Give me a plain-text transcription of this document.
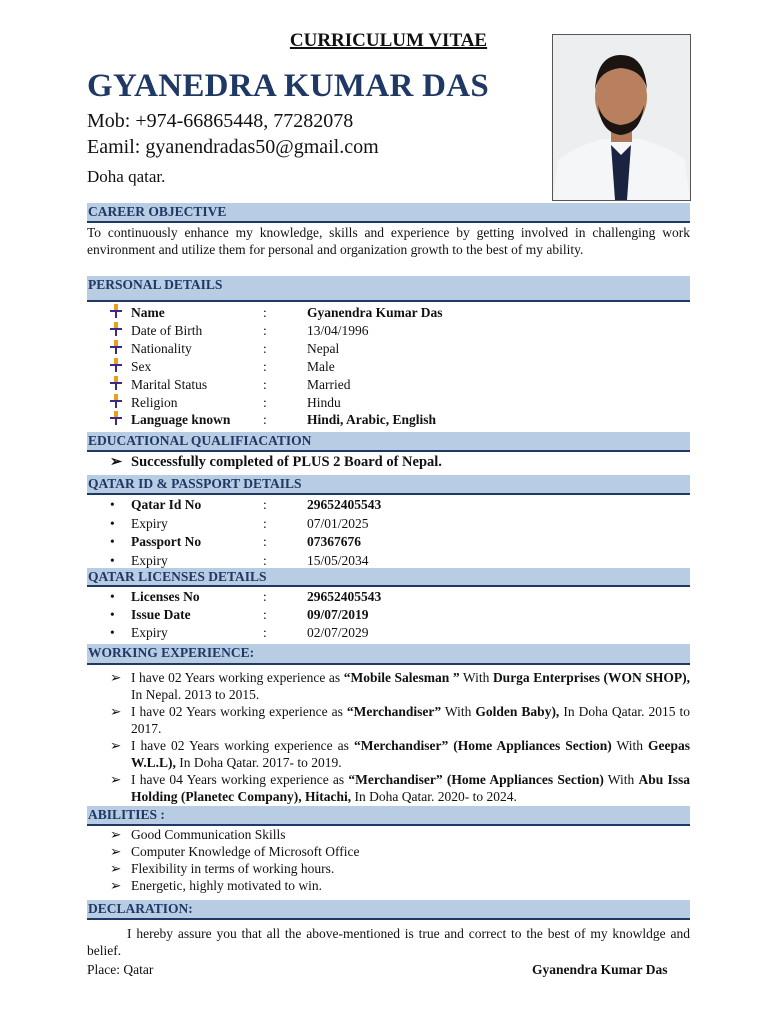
CURRICULUM VITAE
GYANEDRA KUMAR DAS
Mob: +974-66865448, 77282078
Eamil: gyanendradas50@gmail.com
Doha qatar.
CAREER OBJECTIVE
To continuously enhance my knowledge, skills and experience by getting involved in challenging work environment and utilize them for personal and organization growth to the best of my ability.
PERSONAL DETAILS
EDUCATIONAL QUALIFIACATION
➢ Successfully completed of PLUS 2 Board of Nepal.
QATAR ID & PASSPORT DETAILS
QATAR LICENSES DETAILS
WORKING EXPERIENCE:
➢ I have 02 Years working experience as “Mobile Salesman ” With Durga Enterprises (WON SHOP), In Nepal. 2013 to 2015.
➢ I have 02 Years working experience as “Merchandiser” With Golden Baby), In Doha Qatar. 2015 to 2017.
➢ I have 02 Years working experience as “Merchandiser” (Home Appliances Section) With Geepas W.L.L), In Doha Qatar. 2017- to 2019.
➢ I have 04 Years working experience as “Merchandiser” (Home Appliances Section) With Abu Issa Holding (Planetec Company), Hitachi, In Doha Qatar. 2020- to 2024.
ABILITIES :
➢ Good Communication Skills
➢ Computer Knowledge of Microsoft Office
➢ Flexibility in terms of working hours.
➢ Energetic, highly motivated to win.
DECLARATION:
I hereby assure you that all the above-mentioned is true and correct to the best of my knowldge and belief.
Place: Qatar	Gyanendra Kumar Das
Name	:	Gyanendra Kumar Das
Date of Birth	:	13/04/1996
Nationality	:	Nepal
Sex	:	Male
Marital Status	:	Married
Religion	:	Hindu
Language known :	Hindi, Arabic, English
•	Qatar Id No	:	29652405543
•	Expiry	:	07/01/2025
•	Passport No	:	07367676
•	Expiry	:	15/05/2034
•	Licenses No	:	29652405543
•	Issue Date	:	09/07/2019
•	Expiry	:	02/07/2029
